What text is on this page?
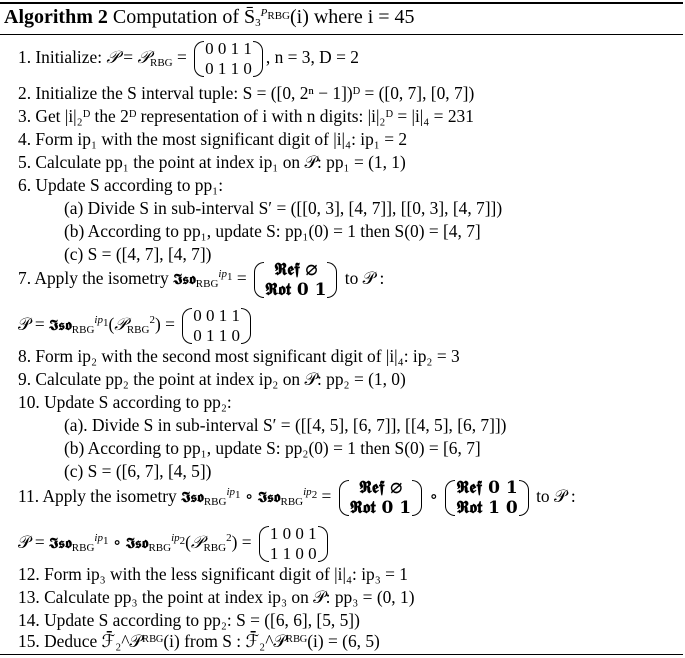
Algorithm 2 Computation of $S̄_3^{P_{RBG}}(i)$ where i = 45
1. Initialize: 𝒫 = 𝒫$_{RBG}$ = 0 0 1 1
0 1 1 0
, n = 3, D = 2
2. Initialize the S interval tuple: S = ([0, 2ⁿ − 1])ᴰ = ([0, 7], [0, 7])
3. Get |i|₂ᴰ the 2ᴰ representation of i with n digits: |i|₂ᴰ = |i|₄ = 231
4. Form ip₁ with the most significant digit of |i|₄: ip₁ = 2
5. Calculate pp₁ the point at index ip₁ on 𝒫: pp₁ = (1, 1)
6. Update S according to pp₁:
(a) Divide S in sub-interval S′ = ([[0, 3], [4, 7]], [[0, 3], [4, 7]])
(b) According to pp₁, update S: pp₁(0) = 1 then S(0) = [4, 7]
(c) S = ([4, 7], [4, 7])
7. Apply the isometry 𝕴𝖘𝖔$_{RBG}^{ip_1}$ =	𝕽𝖊𝖋 ∅
𝕽𝖔𝖙 0 1
to 𝒫 :
𝒫 = 𝕴𝖘𝖔$_{RBG}^{ip_1}$(𝒫$_{RBG}^2$) = 0 0 1 1
0 1 1 0
8. Form ip₂ with the second most significant digit of |i|₄: ip₂ = 3
9. Calculate pp₂ the point at index ip₂ on 𝒫: pp₂ = (1, 0)
10. Update S according to pp₂:
(a). Divide S in sub-interval S′ = ([[4, 5], [6, 7]], [[4, 5], [6, 7]])
(b) According to pp₁, update S: pp₂(0) = 1 then S(0) = [6, 7]
(c) S = ([6, 7], [4, 5])
11. Apply the isometry 𝕴𝖘𝖔$_{RBG}^{ip_1}$ ∘ 𝕴𝖘𝖔$_{RBG}^{ip_2}$ =	𝕽𝖊𝖋 ∅
𝕽𝖔𝖙 0 1
∘ 𝕽𝖊𝖋 0 1
𝕽𝖔𝖙 1 0
to 𝒫 :
𝒫 = 𝕴𝖘𝖔$_{RBG}^{ip_1}$ ∘ 𝕴𝖘𝖔$_{RBG}^{ip_2}$(𝒫$_{RBG}^2$) = 1 0 0 1
1 1 0 0
12. Form ip₃ with the less significant digit of |i|₄: ip₃ = 1
13. Calculate pp₃ the point at index ip₃ on 𝒫: pp₃ = (0, 1)
14. Update S according to pp₂: S = ([6, 6], [5, 5])
15. Deduce ℱ̄₂^𝒫ᴿᴮᴳ(i) from S : ℱ̄₂^𝒫ᴿᴮᴳ(i) = (6, 5)
